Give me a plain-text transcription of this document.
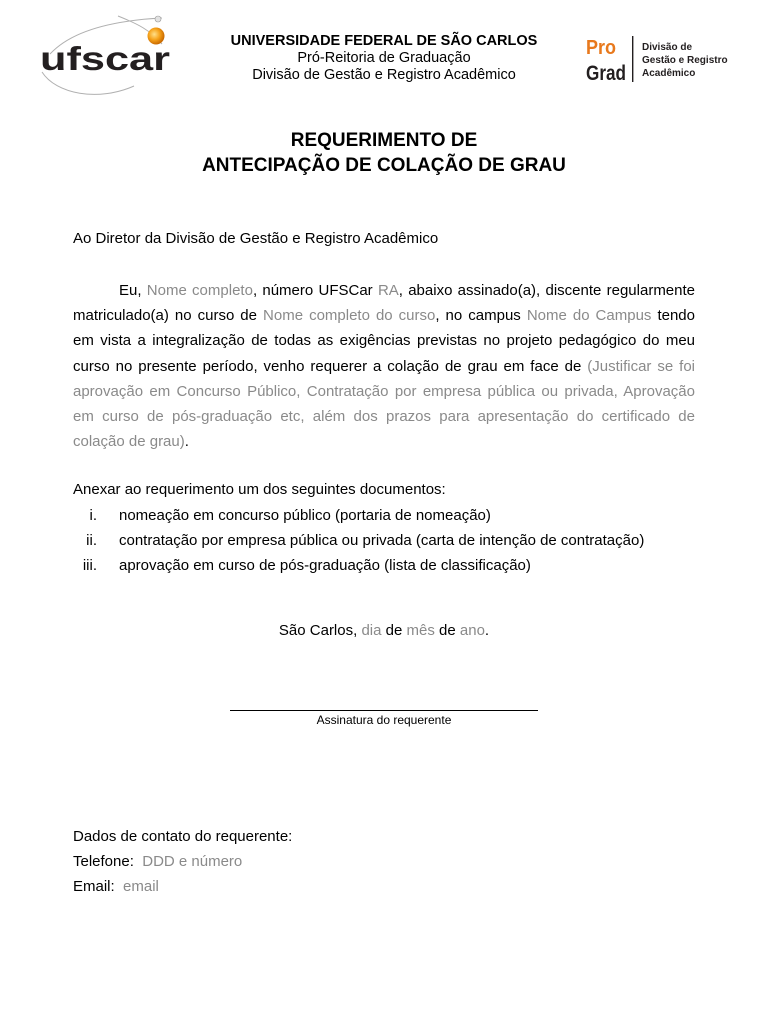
ufscar	UNIVERSIDADE FEDERAL DE SÃO CARLOS
Pró-Reitoria de Graduação
Divisão de Gestão e Registro Acadêmico
Pro
Grad
Divisão de
Gestão e Registro
Acadêmico
REQUERIMENTO DE
ANTECIPAÇÃO DE COLAÇÃO DE GRAU
Ao Diretor da Divisão de Gestão e Registro Acadêmico
Eu, Nome completo, número UFSCar RA, abaixo assinado(a), discente regularmente matriculado(a) no curso de Nome completo do curso, no campus Nome do Campus tendo em vista a integralização de todas as exigências previstas no projeto pedagógico do meu curso no presente período, venho requerer a colação de grau em face de (Justificar se foi aprovação em Concurso Público, Contratação por empresa pública ou privada, Aprovação em curso de pós-graduação etc, além dos prazos para apresentação do certificado de colação de grau).
Anexar ao requerimento um dos seguintes documentos:
i. nomeação em concurso público (portaria de nomeação)
ii. contratação por empresa pública ou privada (carta de intenção de contratação)
iii. aprovação em curso de pós-graduação (lista de classificação)
São Carlos, dia de mês de ano.
Assinatura do requerente
Dados de contato do requerente:
Telefone: DDD e número
Email: email
